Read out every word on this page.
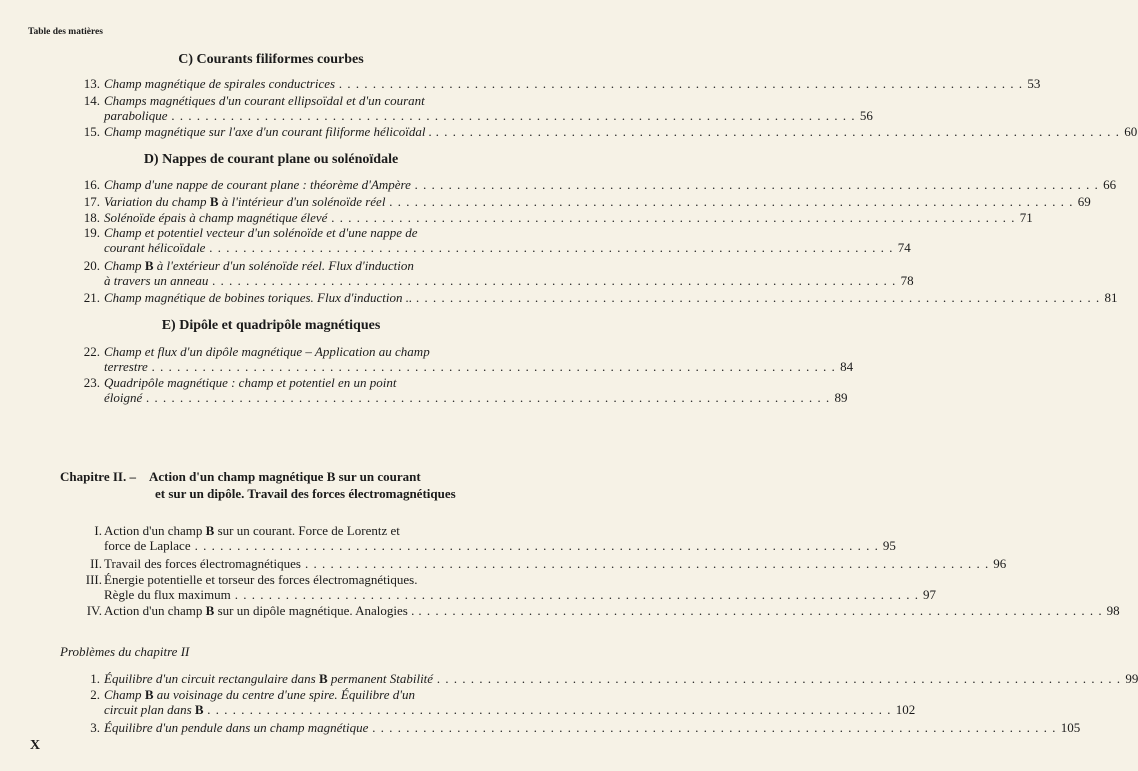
Table des matières
C) Courants filiformes courbes
13. Champ magnétique de spirales conductrices . . . . . . . . . . . . . . . . . . . . . . . . . . . . . . . . . . . . . . . . . . . . . . . . . . . . . . . . . . . . . . . . . . . . . . . . . . . . . . . . . 53
14. Champs magnétiques d'un courant ellipsoïdal et d'un courant
parabolique . . . . . . . . . . . . . . . . . . . . . . . . . . . . . . . . . . . . . . . . . . . . . . . . . . . . . . . . . . . . . . . . . . . . . . . . . . . . . . . . . 56
15. Champ magnétique sur l'axe d'un courant filiforme hélicoïdal . . . . . . . . . . . . . . . . . . . . . . . . . . . . . . . . . . . . . . . . . . . . . . . . . . . . . . . . . . . . . . . . . . . . . . . . . . . . . . . . . . 60
D) Nappes de courant plane ou solénoïdale
16. Champ d'une nappe de courant plane : théorème d'Ampère . . . . . . . . . . . . . . . . . . . . . . . . . . . . . . . . . . . . . . . . . . . . . . . . . . . . . . . . . . . . . . . . . . . . . . . . . . . . . . . . . 66
17. Variation du champ B à l'intérieur d'un solénoïde réel . . . . . . . . . . . . . . . . . . . . . . . . . . . . . . . . . . . . . . . . . . . . . . . . . . . . . . . . . . . . . . . . . . . . . . . . . . . . . . . . . 69
18. Solénoïde épais à champ magnétique élevé . . . . . . . . . . . . . . . . . . . . . . . . . . . . . . . . . . . . . . . . . . . . . . . . . . . . . . . . . . . . . . . . . . . . . . . . . . . . . . . . . 71
19. Champ et potentiel vecteur d'un solénoïde et d'une nappe de
courant hélicoïdale . . . . . . . . . . . . . . . . . . . . . . . . . . . . . . . . . . . . . . . . . . . . . . . . . . . . . . . . . . . . . . . . . . . . . . . . . . . . . . . . . 74
20. Champ B à l'extérieur d'un solénoïde réel. Flux d'induction
à travers un anneau . . . . . . . . . . . . . . . . . . . . . . . . . . . . . . . . . . . . . . . . . . . . . . . . . . . . . . . . . . . . . . . . . . . . . . . . . . . . . . . . . 78
21. Champ magnétique de bobines toriques. Flux d'induction .. . . . . . . . . . . . . . . . . . . . . . . . . . . . . . . . . . . . . . . . . . . . . . . . . . . . . . . . . . . . . . . . . . . . . . . . . . . . . . . . . . 81
E) Dipôle et quadripôle magnétiques
22. Champ et flux d'un dipôle magnétique – Application au champ
terrestre . . . . . . . . . . . . . . . . . . . . . . . . . . . . . . . . . . . . . . . . . . . . . . . . . . . . . . . . . . . . . . . . . . . . . . . . . . . . . . . . . 84
23. Quadripôle magnétique : champ et potentiel en un point
éloigné . . . . . . . . . . . . . . . . . . . . . . . . . . . . . . . . . . . . . . . . . . . . . . . . . . . . . . . . . . . . . . . . . . . . . . . . . . . . . . . . . 89
Chapitre II. – Action d'un champ magnétique B sur un courant
et sur un dipôle. Travail des forces électromagnétiques
I. Action d'un champ B sur un courant. Force de Lorentz et
force de Laplace . . . . . . . . . . . . . . . . . . . . . . . . . . . . . . . . . . . . . . . . . . . . . . . . . . . . . . . . . . . . . . . . . . . . . . . . . . . . . . . . . 95
II. Travail des forces électromagnétiques . . . . . . . . . . . . . . . . . . . . . . . . . . . . . . . . . . . . . . . . . . . . . . . . . . . . . . . . . . . . . . . . . . . . . . . . . . . . . . . . . 96
III. Énergie potentielle et torseur des forces électromagnétiques.
Règle du flux maximum . . . . . . . . . . . . . . . . . . . . . . . . . . . . . . . . . . . . . . . . . . . . . . . . . . . . . . . . . . . . . . . . . . . . . . . . . . . . . . . . . 97
IV. Action d'un champ B sur un dipôle magnétique. Analogies . . . . . . . . . . . . . . . . . . . . . . . . . . . . . . . . . . . . . . . . . . . . . . . . . . . . . . . . . . . . . . . . . . . . . . . . . . . . . . . . . . 98
Problèmes du chapitre II
1. Équilibre d'un circuit rectangulaire dans B permanent Stabilité . . . . . . . . . . . . . . . . . . . . . . . . . . . . . . . . . . . . . . . . . . . . . . . . . . . . . . . . . . . . . . . . . . . . . . . . . . . . . . . . . 99
2. Champ B au voisinage du centre d'une spire. Équilibre d'un
circuit plan dans B . . . . . . . . . . . . . . . . . . . . . . . . . . . . . . . . . . . . . . . . . . . . . . . . . . . . . . . . . . . . . . . . . . . . . . . . . . . . . . . . . 102
3. Équilibre d'un pendule dans un champ magnétique . . . . . . . . . . . . . . . . . . . . . . . . . . . . . . . . . . . . . . . . . . . . . . . . . . . . . . . . . . . . . . . . . . . . . . . . . . . . . . . . . 105
X
